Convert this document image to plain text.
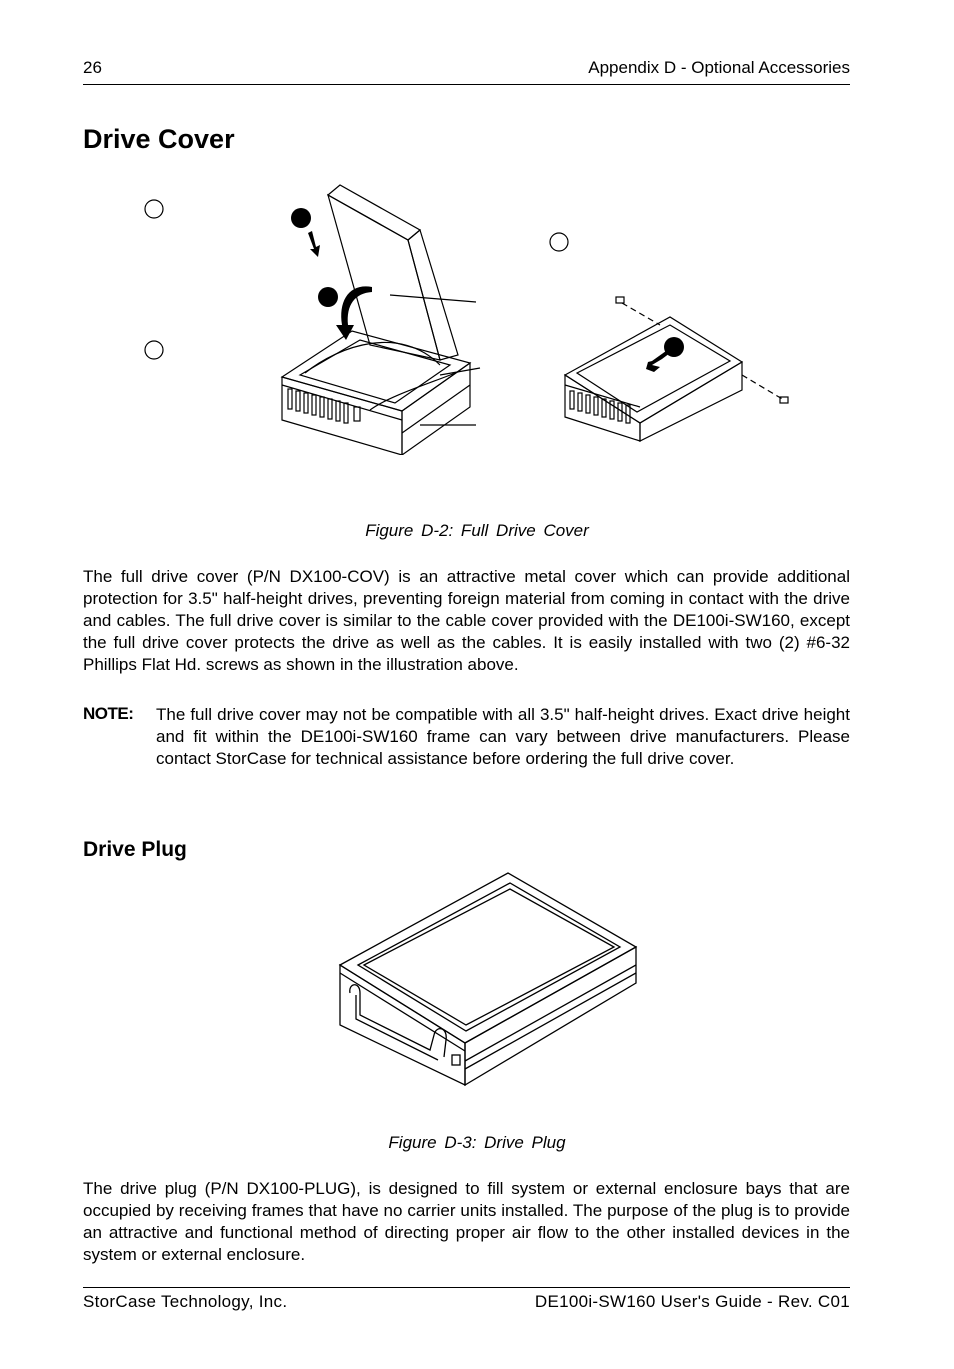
26	Appendix D - Optional Accessories
Drive Cover
Figure D-2: Full Drive Cover

The full drive cover (P/N DX100-COV) is an attractive metal cover which can provide additional protection for 3.5" half-height drives, preventing foreign material from coming in contact with the drive and cables. The full drive cover is similar to the cable cover provided with the DE100i-SW160, except the full drive cover protects the drive as well as the cables. It is easily installed with two (2) #6-32 Phillips Flat Hd. screws as shown in the illustration above.

NOTE: The full drive cover may not be compatible with all 3.5" half-height drives. Exact drive height and fit within the DE100i-SW160 frame can vary between drive manufacturers. Please contact StorCase for technical assistance before ordering the full drive cover.
Drive Plug
Figure D-3: Drive Plug

The drive plug (P/N DX100-PLUG), is designed to fill system or external enclosure bays that are occupied by receiving frames that have no carrier units installed. The purpose of the plug is to provide an attractive and functional method of directing proper air flow to the other installed devices in the system or external enclosure.

StorCase Technology, Inc.	DE100i-SW160 User's Guide - Rev. C01
